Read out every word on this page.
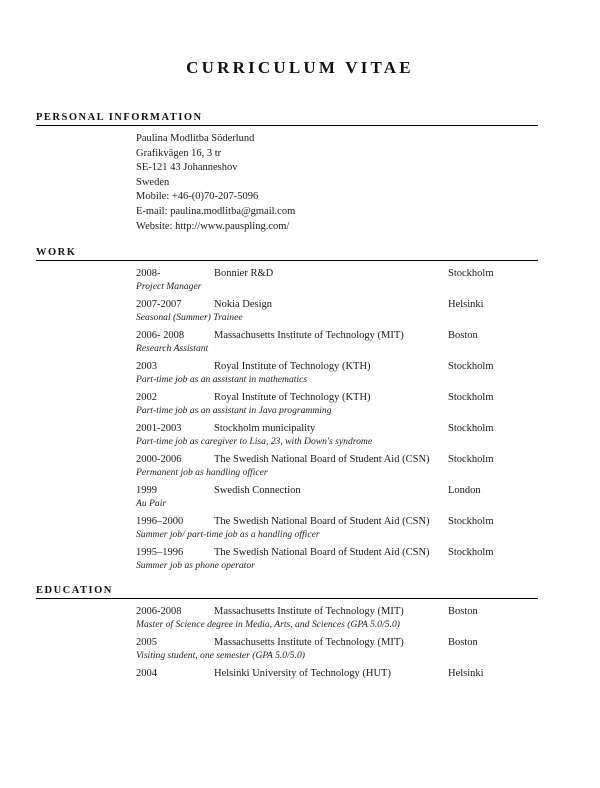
CURRICULUM VITAE
PERSONAL INFORMATION
Paulina Modlitba Söderlund
Grafikvägen 16, 3 tr
SE-121 43 Johanneshov
Sweden
Mobile: +46-(0)70-207-5096
E-mail: paulina.modlitba@gmail.com
Website: http://www.pauspling.com/
WORK
2008-	Bonnier R&D	Stockholm
Project Manager
2007-2007	Nokia Design	Helsinki
Seasonal (Summer) Trainee
2006- 2008	Massachusetts Institute of Technology (MIT)	Boston
Research Assistant
2003	Royal Institute of Technology (KTH)	Stockholm
Part-time job as an assistant in mathematics
2002	Royal Institute of Technology (KTH)	Stockholm
Part-time job as an assistant in Java programming
2001-2003	Stockholm municipality	Stockholm
Part-time job as caregiver to Lisa, 23, with Down's syndrome
2000-2006	The Swedish National Board of Student Aid (CSN)	Stockholm
Permanent job as handling officer
1999	Swedish Connection	London
Au Pair
1996–2000	The Swedish National Board of Student Aid (CSN)	Stockholm
Summer job/ part-time job as a handling officer
1995–1996	The Swedish National Board of Student Aid (CSN)	Stockholm
Summer job as phone operator
EDUCATION
2006-2008	Massachusetts Institute of Technology (MIT)	Boston
Master of Science degree in Media, Arts, and Sciences (GPA 5.0/5.0)
2005	Massachusetts Institute of Technology (MIT)	Boston
Visiting student, one semester (GPA 5.0/5.0)
2004	Helsinki University of Technology (HUT)	Helsinki
